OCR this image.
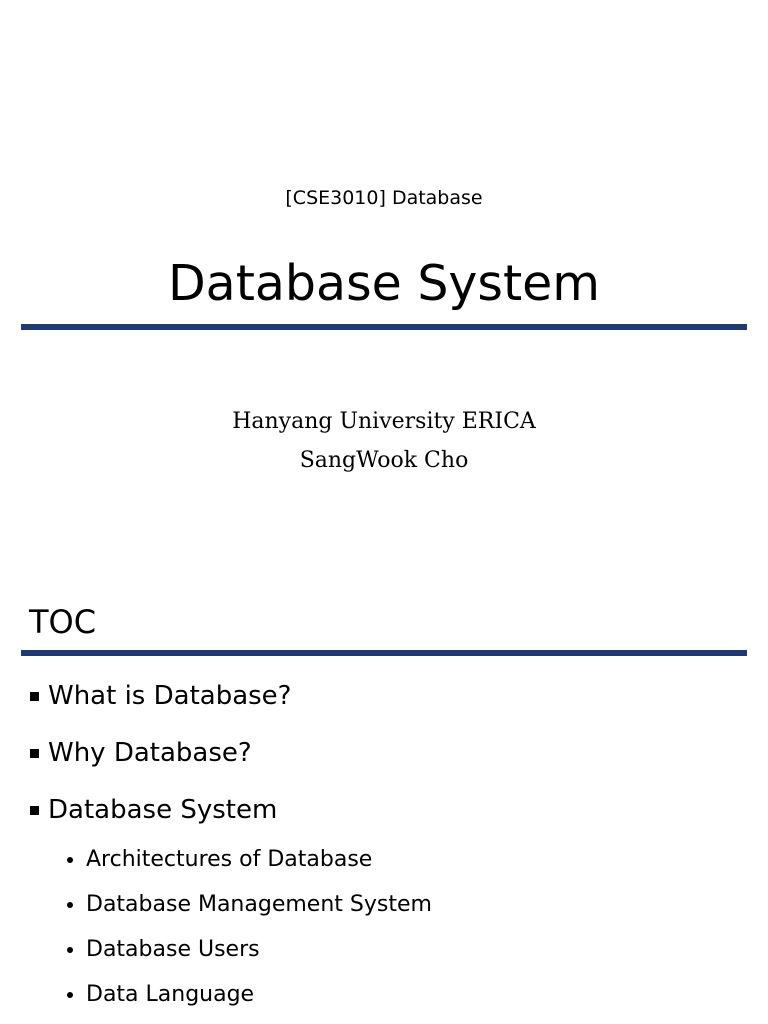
[CSE3010] Database
Database System
Hanyang University ERICA
SangWook Cho
TOC
What is Database?
Why Database?
Database System
Architectures of Database
Database Management System
Database Users
Data Language
